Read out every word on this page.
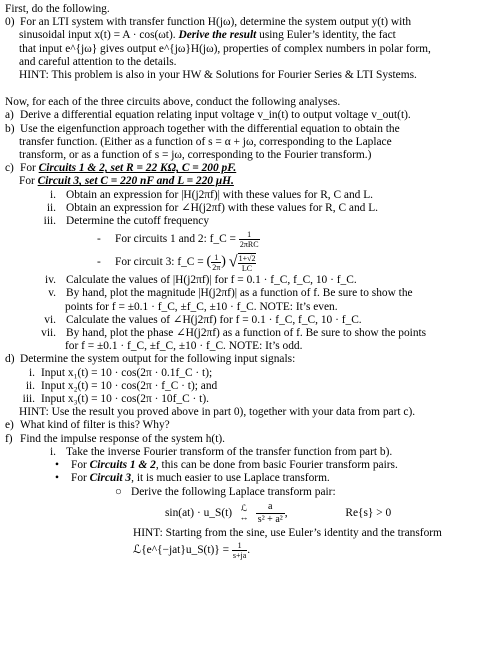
First, do the following.
0) For an LTI system with transfer function H(jω), determine the system output y(t) with
sinusoidal input x(t) = A · cos(ωt). Derive the result using Euler’s identity, the fact
that input e^{jω} gives output e^{jω}H(jω), properties of complex numbers in polar form,
and careful attention to the details.
HINT: This problem is also in your HW & Solutions for Fourier Series & LTI Systems.
Now, for each of the three circuits above, conduct the following analyses.
a) Derive a differential equation relating input voltage v_in(t) to output voltage v_out(t).
b) Use the eigenfunction approach together with the differential equation to obtain the
transfer function. (Either as a function of s = α + jω, corresponding to the Laplace
transform, or as a function of s = jω, corresponding to the Fourier transform.)
c) For Circuits 1 & 2, set R = 22 KΩ, C = 200 pF.
For Circuit 3, set C = 220 nF and L = 220 μH.
i. Obtain an expression for |H(j2πf)| with these values for R, C and L.
ii. Obtain an expression for ∠H(j2πf) with these values for R, C and L.
iii. Determine the cutoff frequency
- For circuits 1 and 2: f_C = $\frac{1}{\text{2πRC}}$
- For circuit 3: f_C = ( $\frac{1}{2\pi}$ ) √ $\frac{1+√2}{LC}$
iv. Calculate the values of |H(j2πf)| for f = 0.1 · f_C, f_C, 10 · f_C.
v. By hand, plot the magnitude |H(j2πf)| as a function of f. Be sure to show the
points for f = ±0.1 · f_C, ±f_C, ±10 · f_C. NOTE: It’s even.
vi. Calculate the values of ∠H(j2πf) for f = 0.1 · f_C, f_C, 10 · f_C.
vii. By hand, plot the phase ∠H(j2πf) as a function of f. Be sure to show the points
for f = ±0.1 · f_C, ±f_C, ±10 · f_C. NOTE: It’s odd.
d) Determine the system output for the following input signals:
i. Input x₁(t) = 10 · cos(2π · 0.1f_C · t);
ii. Input x₂(t) = 10 · cos(2π · f_C · t); and
iii. Input x₃(t) = 10 · cos(2π · 10f_C · t).
HINT: Use the result you proved above in part 0), together with your data from part c).
e) What kind of filter is this? Why?
f) Find the impulse response of the system h(t).
i. Take the inverse Fourier transform of the transfer function from part b).
• For Circuits 1 & 2, this can be done from basic Fourier transform pairs.
• For Circuit 3, it is much easier to use Laplace transform.
○ Derive the following Laplace transform pair:
sin(at) · u_S(t) ℒ
↔
$\frac{a}{\text{s² + a²}}$ ,	Re{s} > 0
HINT: Starting from the sine, use Euler’s identity and the transform
ℒ{e^{−jat}u_S(t)} = $\frac{1}{s+ja}$ .
